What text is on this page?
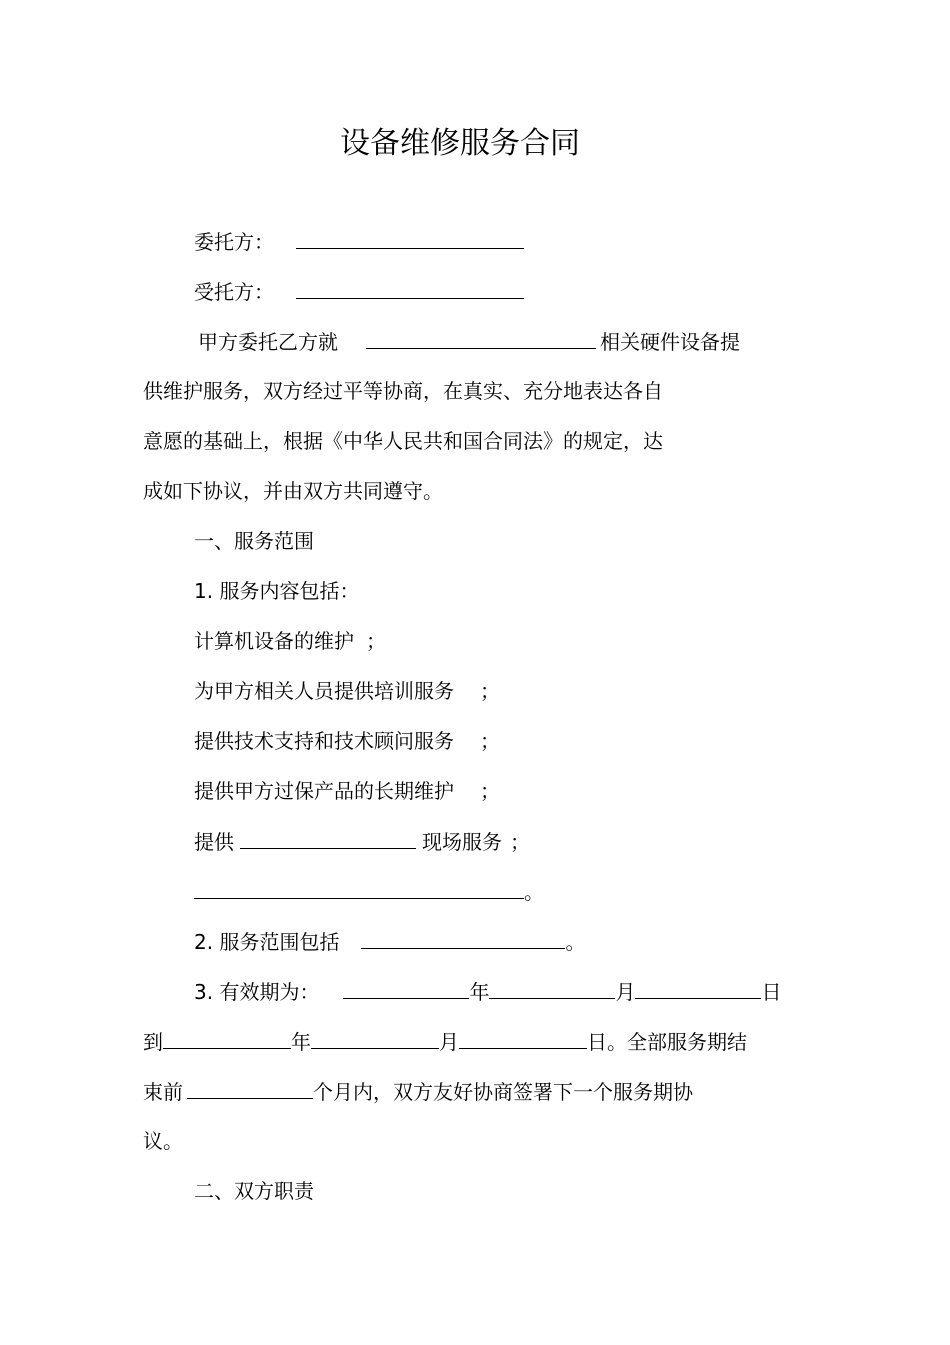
设备维修服务合同
委托方：
受托方：
甲方委托乙方就	相关硬件设备提
供维护服务，双方经过平等协商，在真实、充分地表达各自
意愿的基础上，根据《中华人民共和国合同法》的规定，达
成如下协议，并由双方共同遵守。
一、服务范围
1. 服务内容包括：
计算机设备的维护 ；
为甲方相关人员提供培训服务 ；
提供技术支持和技术顾问服务 ；
提供甲方过保产品的长期维护 ；
提供	现场服务 ；
。
2. 服务范围包括	。
3. 有效期为：	年	月	日
到	年	月	日。全部服务期结
束前	个月内，双方友好协商签署下一个服务期协
议。
二、双方职责
